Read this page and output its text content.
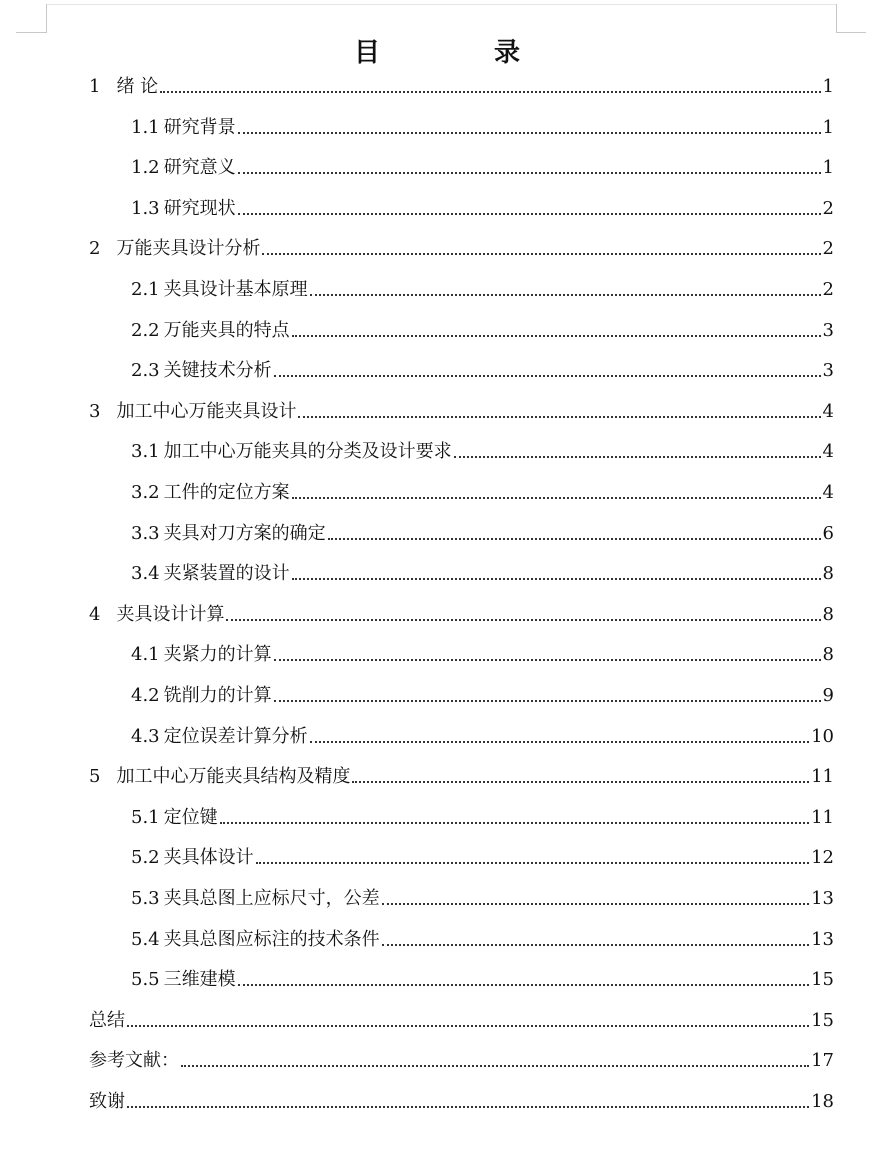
目　录
1 绪 论	1
1.1 研究背景	1
1.2 研究意义	1
1.3 研究现状	2
2 万能夹具设计分析	2
2.1 夹具设计基本原理	2
2.2 万能夹具的特点	3
2.3 关键技术分析	3
3 加工中心万能夹具设计	4
3.1 加工中心万能夹具的分类及设计要求	4
3.2 工件的定位方案	4
3.3 夹具对刀方案的确定	6
3.4 夹紧装置的设计	8
4 夹具设计计算	8
4.1 夹紧力的计算	8
4.2 铣削力的计算	9
4.3 定位误差计算分析	10
5 加工中心万能夹具结构及精度	11
5.1 定位键	11
5.2 夹具体设计	12
5.3 夹具总图上应标尺寸，公差	13
5.4 夹具总图应标注的技术条件	13
5.5 三维建模	15
总结	15
参考文献：	17
致谢	18
